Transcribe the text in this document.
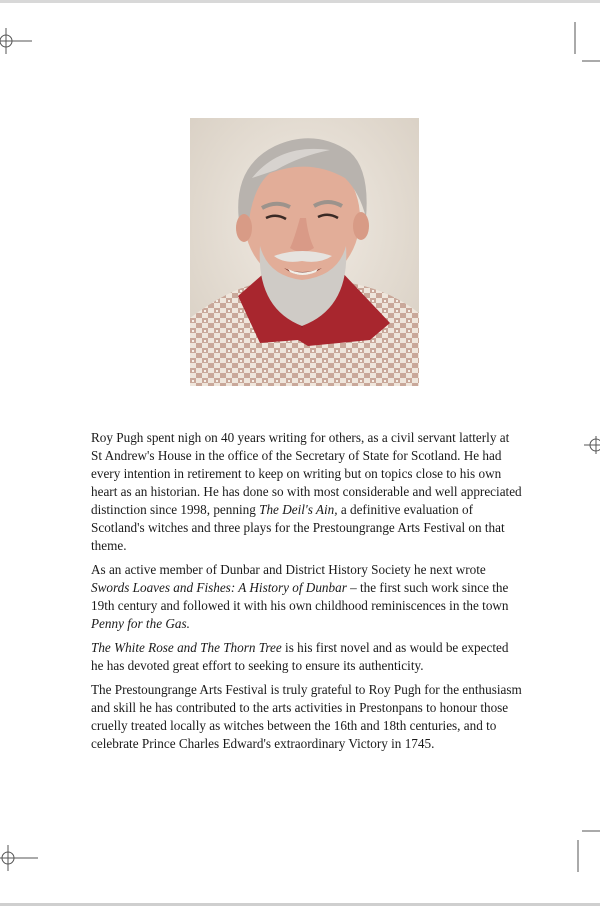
Roy Pugh spent nigh on 40 years writing for others, as a civil servant latterly at St Andrew's House in the office of the Secretary of State for Scotland. He had every intention in retirement to keep on writing but on topics close to his own heart as an historian. He has done so with most considerable and well appreciated distinction since 1998, penning The Deil's Ain, a definitive evaluation of Scotland's witches and three plays for the Prestoungrange Arts Festival on that theme.

As an active member of Dunbar and District History Society he next wrote Swords Loaves and Fishes: A History of Dunbar – the first such work since the 19th century and followed it with his own childhood reminiscences in the town Penny for the Gas.

The White Rose and The Thorn Tree is his first novel and as would be expected he has devoted great effort to seeking to ensure its authenticity.

The Prestoungrange Arts Festival is truly grateful to Roy Pugh for the enthusiasm and skill he has contributed to the arts activities in Prestonpans to honour those cruelly treated locally as witches between the 16th and 18th centuries, and to celebrate Prince Charles Edward's extraordinary Victory in 1745.
